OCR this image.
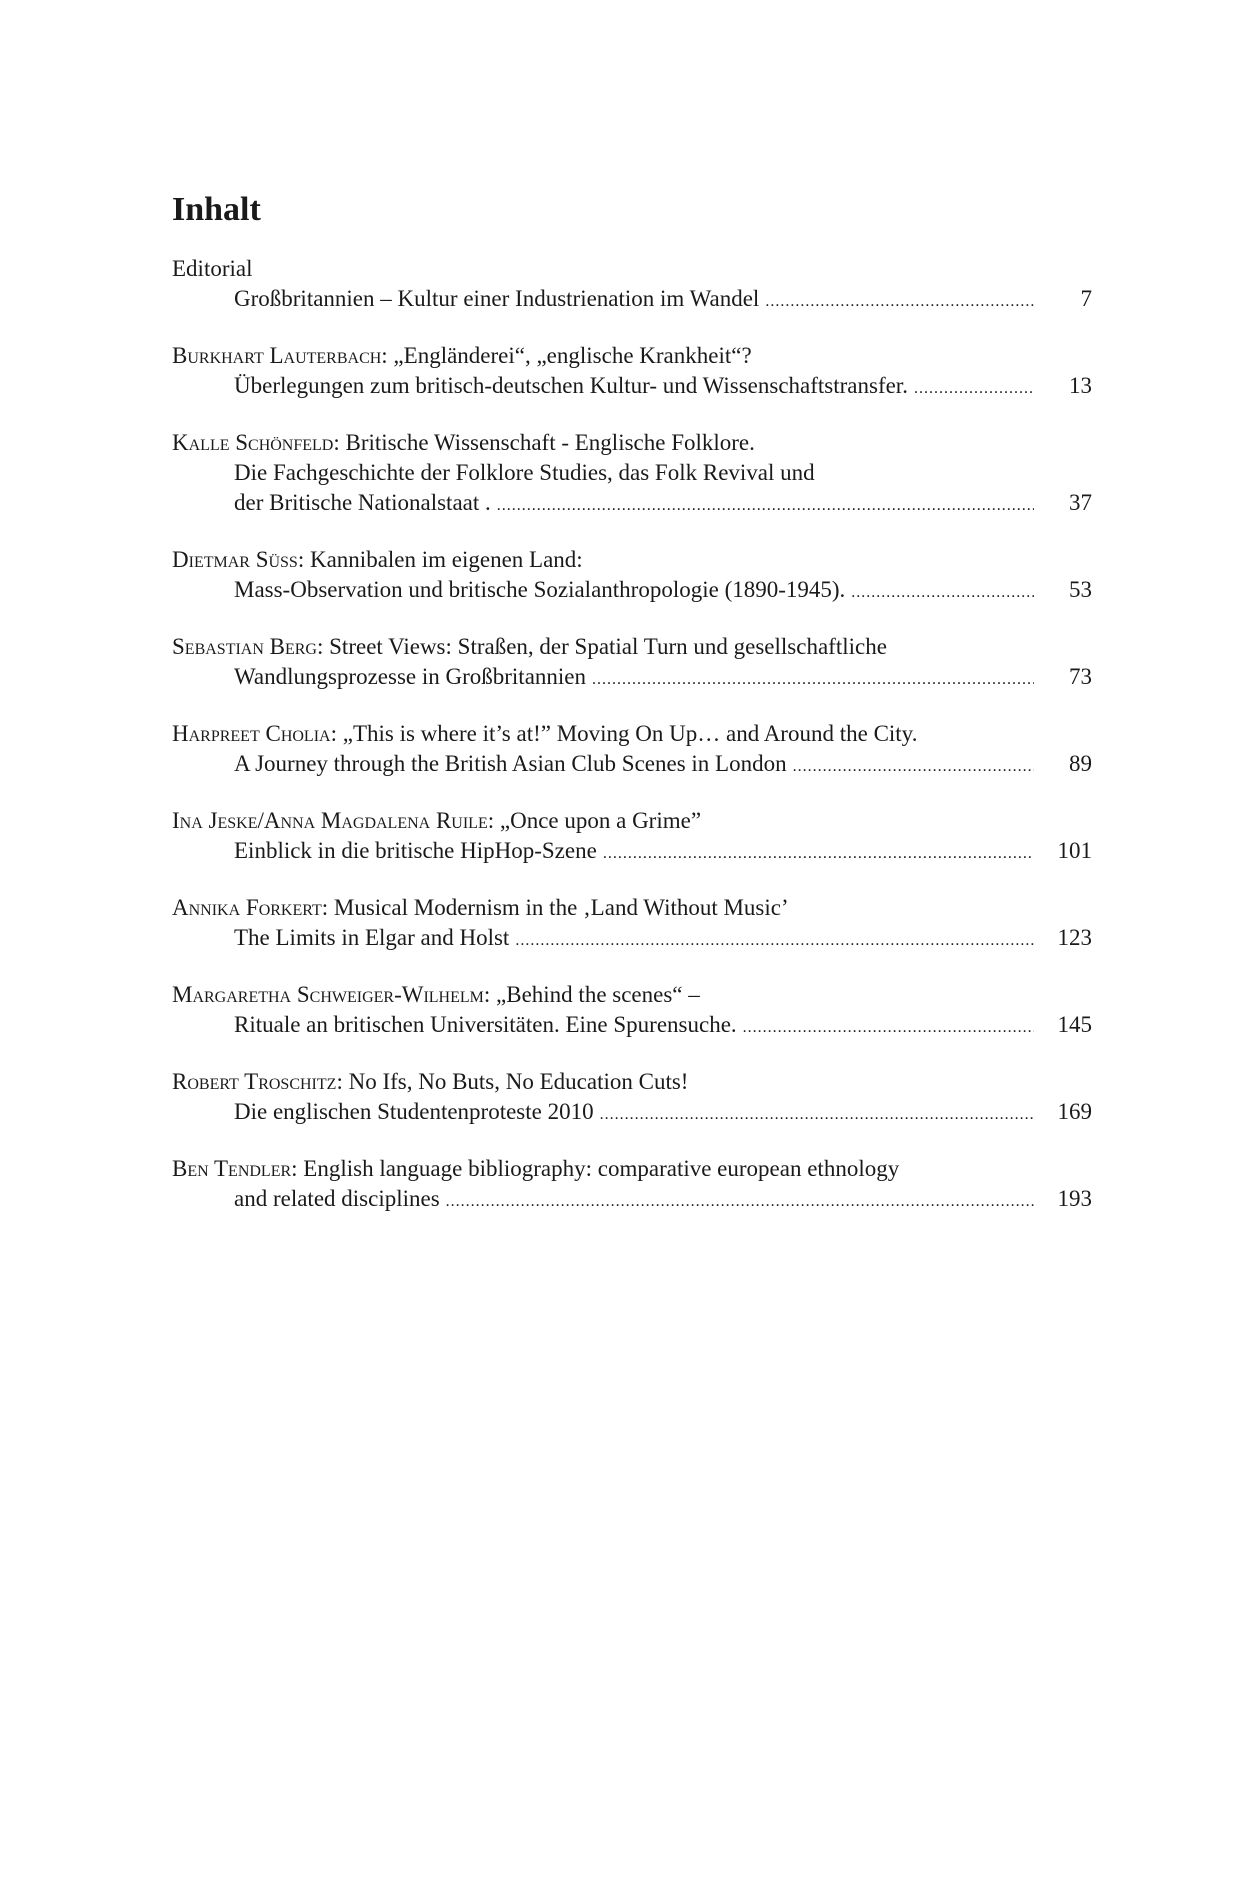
Inhalt
Editorial
Großbritannien – Kultur einer Industrienation im Wandel .....	7
Burkhart Lauterbach: „Engländerei“, „englische Krankheit“?
Überlegungen zum britisch-deutschen Kultur- und Wissenschaftstransfer. .....	13
Kalle Schönfeld: Britische Wissenschaft - Englische Folklore.
Die Fachgeschichte der Folklore Studies, das Folk Revival und
der Britische Nationalstaat . .....	37
Dietmar Süß: Kannibalen im eigenen Land:
Mass-Observation und britische Sozialanthropologie (1890-1945). .....	53
Sebastian Berg: Street Views: Straßen, der Spatial Turn und gesellschaftliche
Wandlungsprozesse in Großbritannien .....	73
Harpreet Cholia: „This is where it’s at!” Moving On Up… and Around the City.
A Journey through the British Asian Club Scenes in London .....	89
Ina Jeske/Anna Magdalena Ruile: „Once upon a Grime”
Einblick in die britische HipHop-Szene .....	101
Annika Forkert: Musical Modernism in the ‚Land Without Music’
The Limits in Elgar and Holst .....	123
Margaretha Schweiger-Wilhelm: „Behind the scenes“ –
Rituale an britischen Universitäten. Eine Spurensuche. .....	145
Robert Troschitz: No Ifs, No Buts, No Education Cuts!
Die englischen Studentenproteste 2010 .....	169
Ben Tendler: English language bibliography: comparative european ethnology
and related disciplines .....	193
